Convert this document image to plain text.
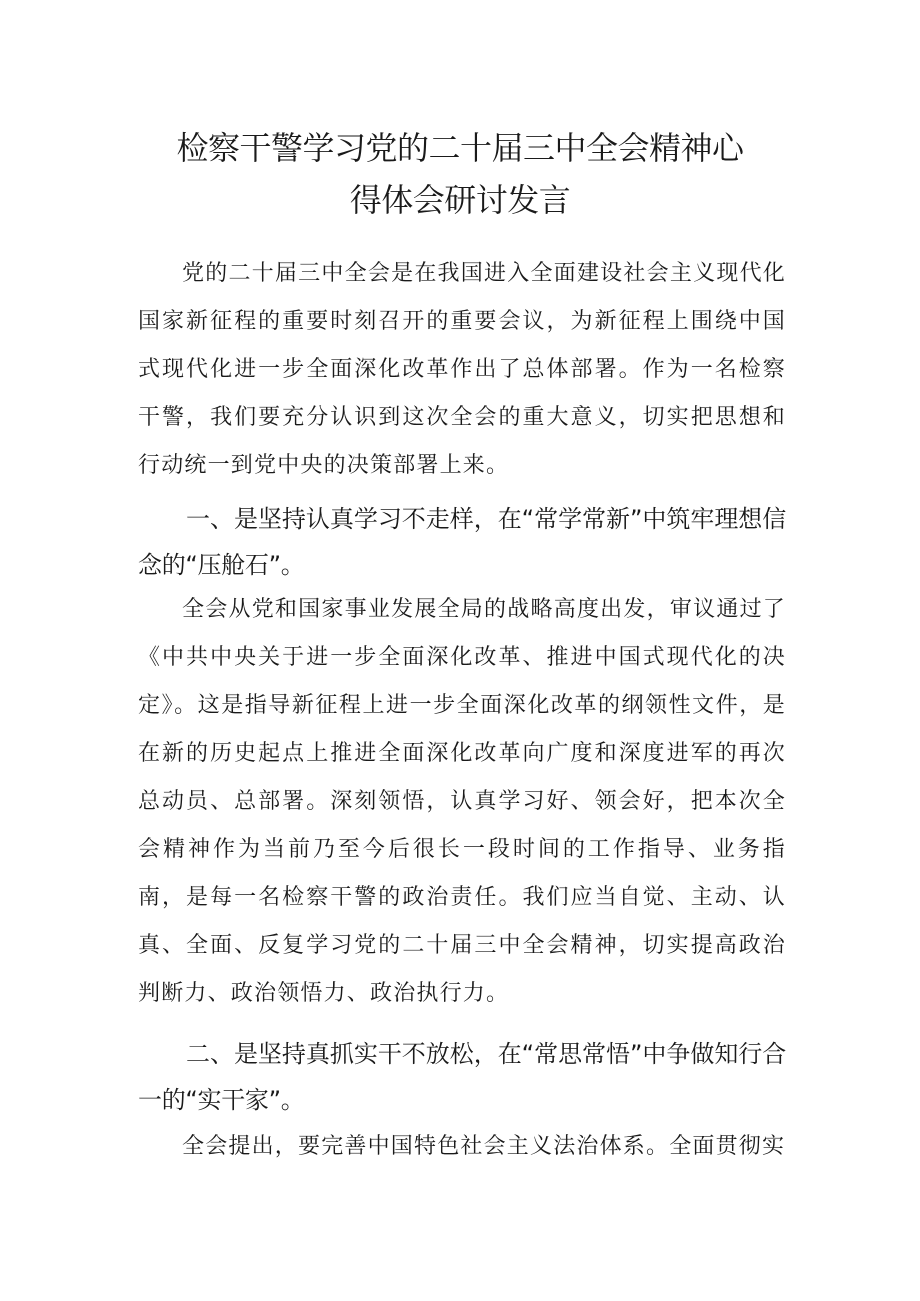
检察干警学习党的二十届三中全会精神心
得体会研讨发言

党的二十届三中全会是在我国进入全面建设社会主义现代化国家新征程的重要时刻召开的重要会议，为新征程上围绕中国式现代化进一步全面深化改革作出了总体部署。作为一名检察干警，我们要充分认识到这次全会的重大意义，切实把思想和行动统一到党中央的决策部署上来。

一、是坚持认真学习不走样，在“常学常新”中筑牢理想信念的“压舱石”。

全会从党和国家事业发展全局的战略高度出发，审议通过了《中共中央关于进一步全面深化改革、推进中国式现代化的决定》。这是指导新征程上进一步全面深化改革的纲领性文件，是在新的历史起点上推进全面深化改革向广度和深度进军的再次总动员、总部署。深刻领悟，认真学习好、领会好，把本次全会精神作为当前乃至今后很长一段时间的工作指导、业务指南，是每一名检察干警的政治责任。我们应当自觉、主动、认真、全面、反复学习党的二十届三中全会精神，切实提高政治判断力、政治领悟力、政治执行力。

二、是坚持真抓实干不放松，在“常思常悟”中争做知行合一的“实干家”。

全会提出，要完善中国特色社会主义法治体系。全面贯彻实
